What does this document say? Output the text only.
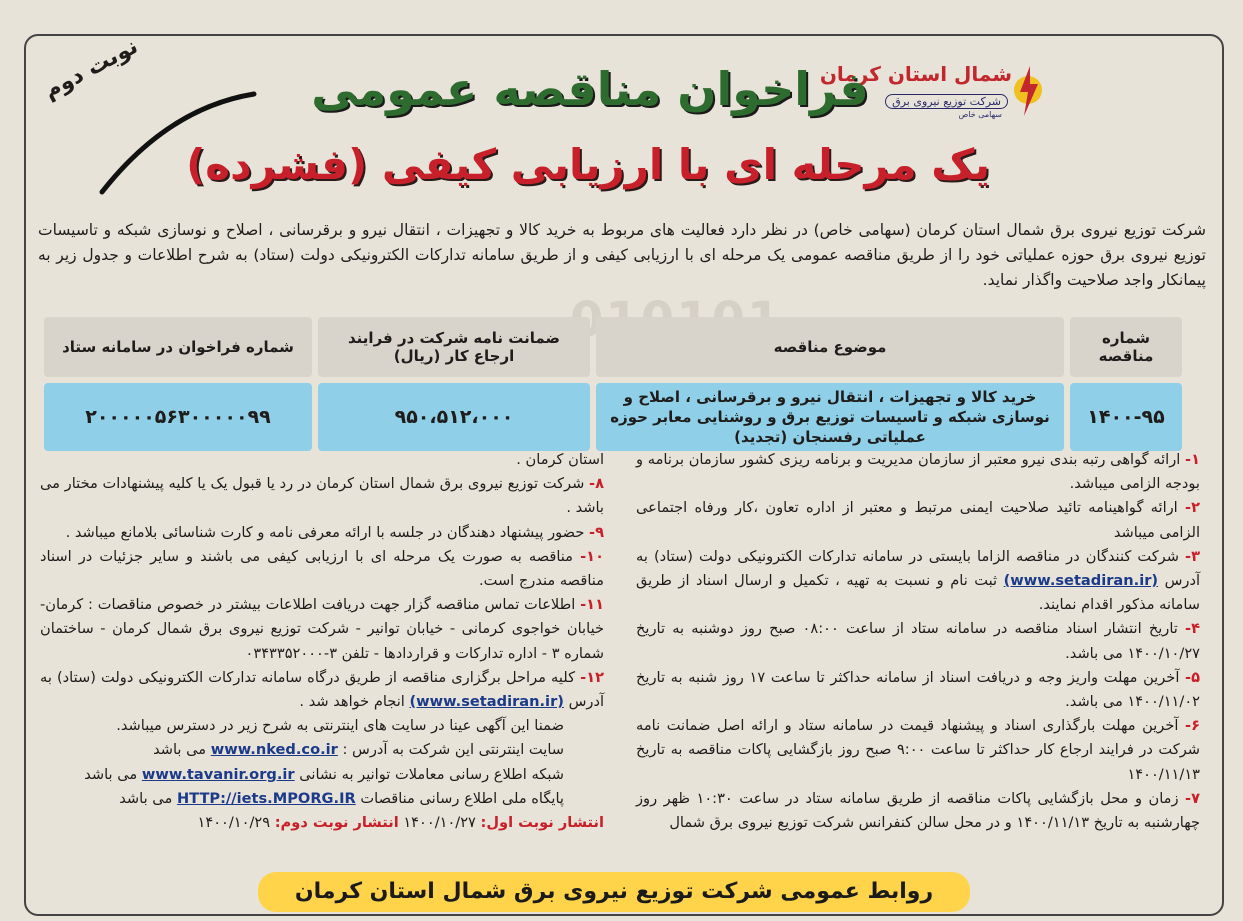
شمال استان کرمان
شرکت توزیع نیروی برق
سهامی خاص
نوبت دوم	فراخوان مناقصه عمومی
یک مرحله ای با ارزیابی کیفی (فشرده)
شرکت توزیع نیروی برق شمال استان کرمان (سهامی خاص) در نظر دارد فعالیت های مربوط به خرید کالا و تجهیزات ، انتقال نیرو و برقرسانی ، اصلاح و نوسازی شبکه و تاسیسات توزیع نیروی برق حوزه عملیاتی خود را از طریق مناقصه عمومی یک مرحله ای با ارزیابی کیفی و از طریق سامانه تدارکات الکترونیکی دولت (ستاد) به شرح اطلاعات و جدول زیر به پیمانکار واجد صلاحیت واگذار نماید.
شماره مناقصه	موضوع مناقصه	ضمانت نامه شرکت در فرایند ارجاع کار (ریال)	شماره فراخوان در سامانه ستاد
۱۴۰۰-۹۵	خرید کالا و تجهیزات ، انتقال نیرو و برقرسانی ، اصلاح و نوسازی شبکه و تاسیسات توزیع برق و روشنایی معابر حوزه عملیاتی رفسنجان (تجدید)	۹۵۰،۵۱۲،۰۰۰	۲۰۰۰۰۰۵۶۳۰۰۰۰۰۹۹

۱- ارائه گواهی رتبه بندی نیرو معتبر از سازمان مدیریت و برنامه ریزی کشور سازمان برنامه و بودجه الزامی میباشد.

۲- ارائه گواهینامه تائید صلاحیت ایمنی مرتبط و معتبر از اداره تعاون ،کار ورفاه اجتماعی الزامی میباشد

۳- شرکت کنندگان در مناقصه الزاما بایستی در سامانه تدارکات الکترونیکی دولت (ستاد) به آدرس (www.setadiran.ir) ثبت نام و نسبت به تهیه ، تکمیل و ارسال اسناد از طریق سامانه مذکور اقدام نمایند.

۴- تاریخ انتشار اسناد مناقصه در سامانه ستاد از ساعت ۰۸:۰۰ صبح روز دوشنبه به تاریخ ۱۴۰۰/۱۰/۲۷ می باشد.

۵- آخرین مهلت واریز وجه و دریافت اسناد از سامانه حداکثر تا ساعت ۱۷ روز شنبه به تاریخ ۱۴۰۰/۱۱/۰۲ می باشد.

۶- آخرین مهلت بارگذاری اسناد و پیشنهاد قیمت در سامانه ستاد و ارائه اصل ضمانت نامه شرکت در فرایند ارجاع کار حداکثر تا ساعت ۹:۰۰ صبح روز بازگشایی پاکات مناقصه به تاریخ ۱۴۰۰/۱۱/۱۳

۷- زمان و محل بازگشایی پاکات مناقصه از طریق سامانه ستاد در ساعت ۱۰:۳۰ ظهر روز چهارشنبه به تاریخ ۱۴۰۰/۱۱/۱۳ و در محل سالن کنفرانس شرکت توزیع نیروی برق شمال

استان کرمان .

۸- شرکت توزیع نیروی برق شمال استان کرمان در رد یا قبول یک یا کلیه پیشنهادات مختار می باشد .

۹- حضور پیشنهاد دهندگان در جلسه با ارائه معرفی نامه و کارت شناسائی بلامانع میباشد .

۱۰- مناقصه به صورت یک مرحله ای با ارزیابی کیفی می باشند و سایر جزئیات در اسناد مناقصه مندرج است.

۱۱- اطلاعات تماس مناقصه گزار جهت دریافت اطلاعات بیشتر در خصوص مناقصات : کرمان- خیابان خواجوی کرمانی - خیابان توانیر - شرکت توزیع نیروی برق شمال کرمان - ساختمان شماره ۳ - اداره تدارکات و قراردادها - تلفن ۳-۰۳۴۳۳۵۲۰۰۰

۱۲- کلیه مراحل برگزاری مناقصه از طریق درگاه سامانه تدارکات الکترونیکی دولت (ستاد) به آدرس (www.setadiran.ir) انجام خواهد شد .

ضمنا این آگهی عینا در سایت های اینترنتی به شرح زیر در دسترس میباشد.

سایت اینترنتی این شرکت به آدرس : www.nked.co.ir می باشد

شبکه اطلاع رسانی معاملات توانیر به نشانی www.tavanir.org.ir می باشد

پایگاه ملی اطلاع رسانی مناقصات HTTP://iets.MPORG.IR می باشد

انتشار نوبت اول: ۱۴۰۰/۱۰/۲۷ انتشار نوبت دوم: ۱۴۰۰/۱۰/۲۹

روابط عمومی شرکت توزیع نیروی برق شمال استان کرمان
